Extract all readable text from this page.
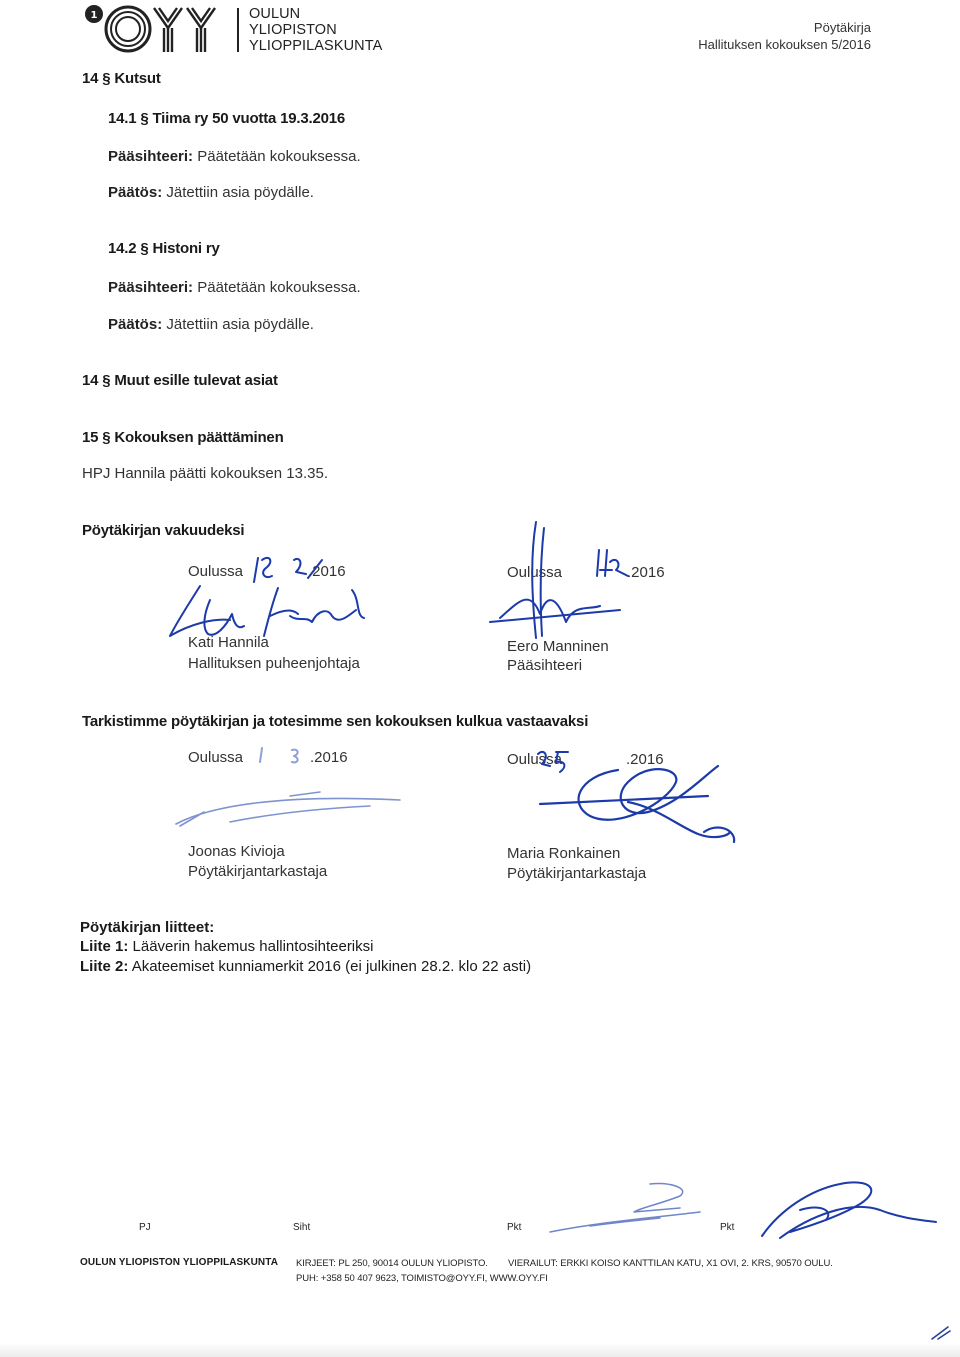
1	OULUN
YLIOPISTON
YLIOPPILASKUNTA
Pöytäkirja
Hallituksen kokouksen 5/2016
14 § Kutsut
14.1 § Tiima ry 50 vuotta 19.3.2016
Pääsihteeri: Päätetään kokouksessa.
Päätös: Jätettiin asia pöydälle.
14.2 § Histoni ry
Pääsihteeri: Päätetään kokouksessa.
Päätös: Jätettiin asia pöydälle.
14 § Muut esille tulevat asiat
15 § Kokouksen päättäminen
HPJ Hannila päätti kokouksen 13.35.
Pöytäkirjan vakuudeksi
Oulussa	.2016
Kati Hannila
Hallituksen puheenjohtaja
Oulussa	.2016
Eero Manninen
Pääsihteeri
Tarkistimme pöytäkirjan ja totesimme sen kokouksen kulkua vastaavaksi
Oulussa	.2016
Joonas Kivioja
Pöytäkirjantarkastaja
Oulussa	.2016
Maria Ronkainen
Pöytäkirjantarkastaja
Pöytäkirjan liitteet:
Liite 1: Lääverin hakemus hallintosihteeriksi
Liite 2: Akateemiset kunniamerkit 2016 (ei julkinen 28.2. klo 22 asti)
PJ	Siht	Pkt	Pkt
OULUN YLIOPISTON YLIOPPILASKUNTA KIRJEET: PL 250, 90014 OULUN YLIOPISTO. VIERAILUT: ERKKI KOISO KANTTILAN KATU, X1 OVI, 2. KRS, 90570 OULU.
PUH: +358 50 407 9623, TOIMISTO@OYY.FI, WWW.OYY.FI
